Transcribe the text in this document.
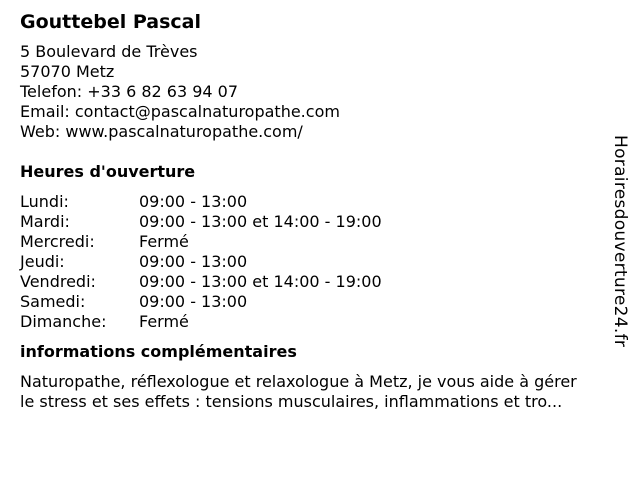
Gouttebel Pascal
5 Boulevard de Trèves
57070 Metz
Telefon: +33 6 82 63 94 07
Email: contact@pascalnaturopathe.com
Web: www.pascalnaturopathe.com/
Heures d'ouverture
Lundi:	09:00 - 13:00
Mardi:	09:00 - 13:00 et 14:00 - 19:00
Mercredi:	Fermé
Jeudi:	09:00 - 13:00
Vendredi:	09:00 - 13:00 et 14:00 - 19:00
Samedi:	09:00 - 13:00
Dimanche: Fermé
informations complémentaires
Naturopathe, réflexologue et relaxologue à Metz, je vous aide à gérer
le stress et ses effets : tensions musculaires, inflammations et tro...
Horairesdouverture24.fr
